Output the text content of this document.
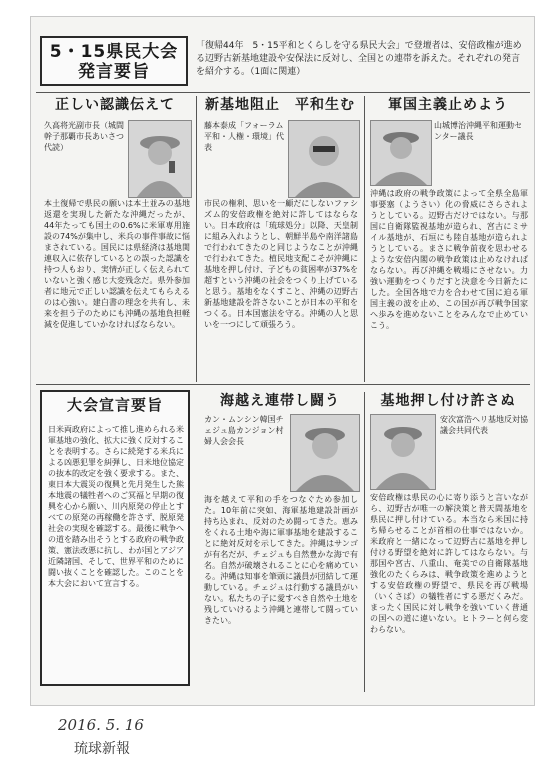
5・15県民大会
発言要旨
「復帰44年　5・15平和とくらしを守る県民大会」で登壇者は、安倍政権が進める辺野古新基地建設や安保法に反対し、全国との連帯を訴えた。それぞれの発言を紹介する。（1面に関連）
正しい認識伝えて
久高将光副市長（城間幹子那覇市長あいさつ代読）
本土復帰で県民の願いは本土並みの基地返還を実現した新たな沖縄だったが、44年たっても国土の0.6%に米軍専用施設の74%が集中し、米兵の事件事故に悩まされている。国民には県経済は基地関連収入に依存しているとの誤った認識を持つ人もおり、実情が正しく伝えられていないと強く感じ大変残念だ。県外参加者に地元で正しい認識を伝えてもらえるのは心強い。建白書の理念を共有し、未来を担う子のためにも沖縄の基地負担軽減を促進していかなければならない。
新基地阻止　平和生む
藤本泰成「フォーラム平和・人権・環境」代表
市民の権利、思いを一顧だにしないファシズム的安倍政権を絶対に許してはならない。日本政府は「琉球処分」以降、天皇制に組み入れようとし、朝鮮半島や南洋諸島で行われてきたのと同じようなことが沖縄で行われてきた。植民地支配こそが沖縄に基地を押し付け、子どもの貧困率が37%を超すという沖縄の社会をつくり上げていると思う。基地をなくすこと、沖縄の辺野古新基地建設を許さないことが日本の平和をつくる。日本国憲法を守る。沖縄の人と思いを一つにして頑張ろう。
軍国主義止めよう
山城博治沖縄平和運動センター議長
沖縄は政府の戦争政策によって全県全島軍事要塞（ようさい）化の脅威にさらされようとしている。辺野古だけではない。与那国に自衛隊監視基地が造られ、宮古にミサイル基地が、石垣にも陸自基地が造られようとしている。まさに戦争前夜を思わせるような安倍内閣の戦争政策は止めなければならない。再び沖縄を戦場にさせない。力強い運動をつくりだすと決意を今日新たにした。全国各地で力を合わせて国に迫る軍国主義の波を止め、この国が再び戦争国家へ歩みを進めないことをみんなで止めていこう。
大会宣言要旨
日米両政府によって推し進められる米軍基地の強化、拡大に強く反対することを表明する。さらに続発する米兵による凶悪犯罪を糾弾し、日米地位協定の抜本的改定を強く要求する。また、東日本大震災の復興と先月発生した熊本地震の犠牲者へのご冥福と早期の復興を心から願い、川内原発の停止とすべての原発の再稼働を許さず、脱原発社会の実現を確認する。最後に戦争への道を踏み出そうとする政府の戦争政策、憲法改悪に抗し、わが国とアジア近隣諸国、そして、世界平和のために闘い抜くことを確認した。このことを本大会において宣言する。
海越え連帯し闘う
カン・ムンシン韓国チェジュ島カンジョン村婦人会会長
海を越えて平和の手をつなぐため参加した。10年前に突如、海軍基地建設計画が持ち込まれ、反対のため闘ってきた。恵みをくれる土地や海に軍事基地を建設することに絶対反対を示してきた。沖縄はサンゴが有名だが、チェジュも自然豊かな海で有名。自然が破壊されることに心を痛めている。沖縄は知事を筆頭に議員が団結して運動している。チェジュは行動する議員がいない。私たちの子に愛すべき自然や土地を残していけるよう沖縄と連帯して闘っていきたい。
基地押し付け許さぬ
安次富浩ヘリ基地反対協議会共同代表
安倍政権は県民の心に寄り添うと言いながら、辺野古が唯一の解決策と普天間基地を県民に押し付けている。本当なら米国に持ち帰らせることが首相の仕事ではないか。米政府と一緒になって辺野古に基地を押し付ける野望を絶対に許してはならない。与那国や宮古、八重山、奄美での自衛隊基地強化のたくらみは、戦争政策を進めようとする安倍政権の野望で、県民を再び戦場（いくさば）の犠牲者にする悪だくみだ。まったく国民に対し戦争を強いていく普通の国への道に違いない。ヒトラーと何ら変わらない。
2016. 5. 16
琉球新報
